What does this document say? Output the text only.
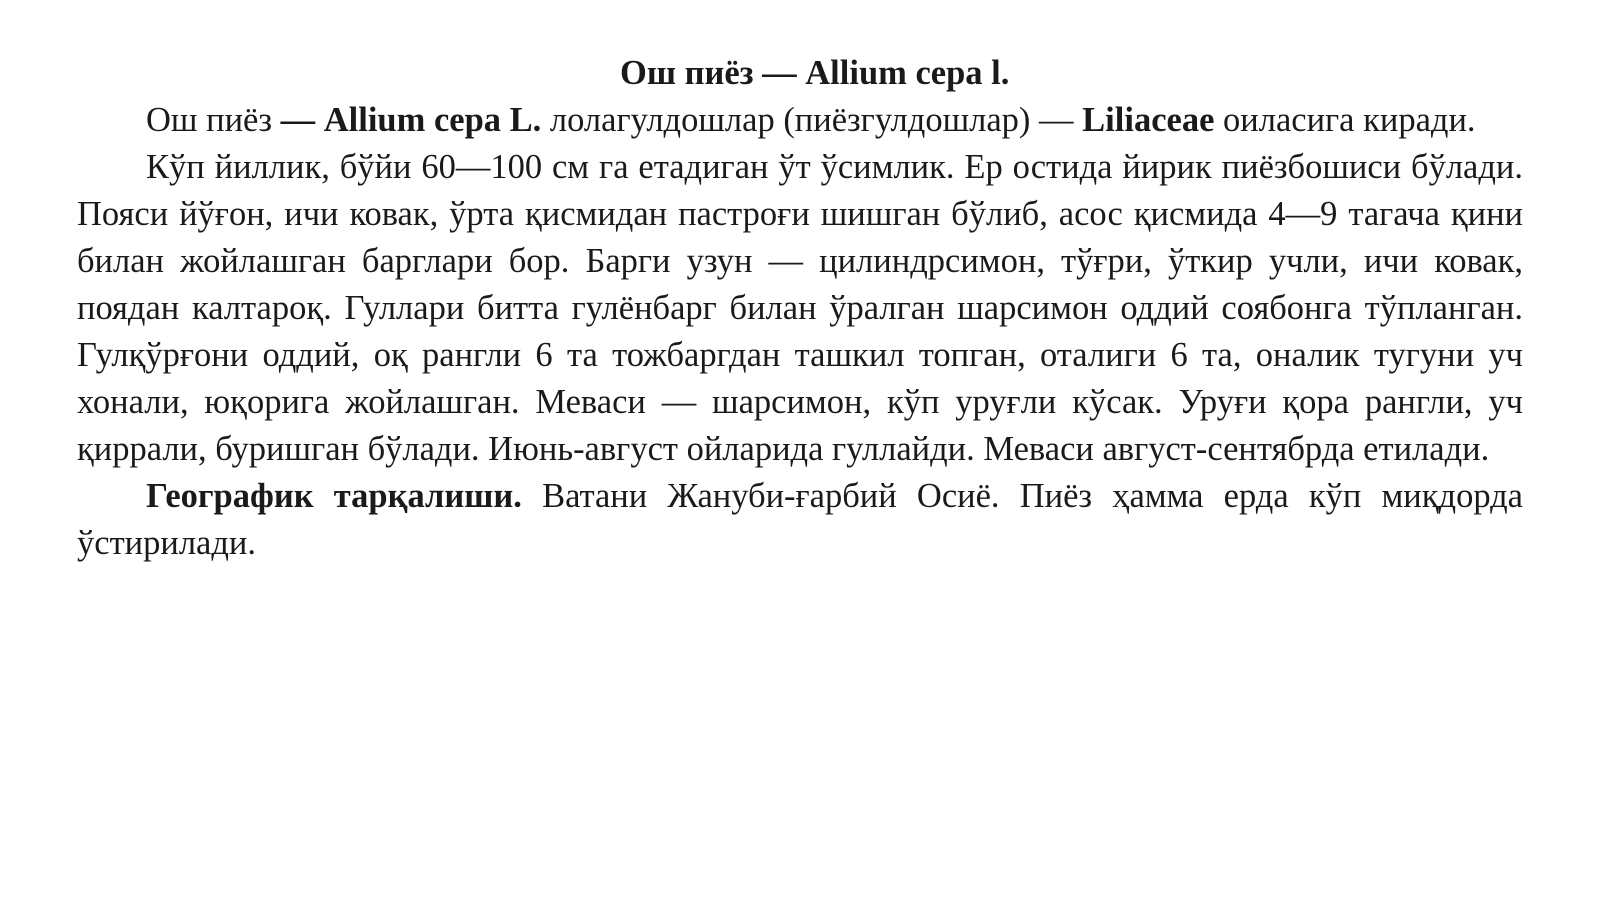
Ош пиёз — Allium cepa l.

Ош пиёз — Allium cepa L. лолагулдошлар (пиёзгулдошлар) — Liliaceae оиласига киради.

Кўп йиллик, бўйи 60—100 см га етадиган ўт ўсимлик. Ер остида йирик пиёзбошиси бўлади. Пояси йўғон, ичи ковак, ўрта қисмидан пастроғи шишган бўлиб, асос қисмида 4—9 тагача қини билан жойлашган барглари бор. Барги узун — цилиндрсимон, тўғри, ўткир учли, ичи ковак, поядан калтароқ. Гуллари битта гулёнбарг билан ўралган шарсимон оддий соябонга тўпланган. Гулқўрғони оддий, оқ рангли 6 та тожбаргдан ташкил топган, оталиги 6 та, оналик тугуни уч хонали, юқорига жойлашган. Меваси — шарсимон, кўп уруғли кўсак. Уруғи қора рангли, уч қиррали, буришган бўлади. Июнь-август ойларида гуллайди. Меваси август-сентябрда етилади.

Географик тарқалиши. Ватани Жануби-ғарбий Осиё. Пиёз ҳамма ерда кўп миқдорда ўстирилади.
